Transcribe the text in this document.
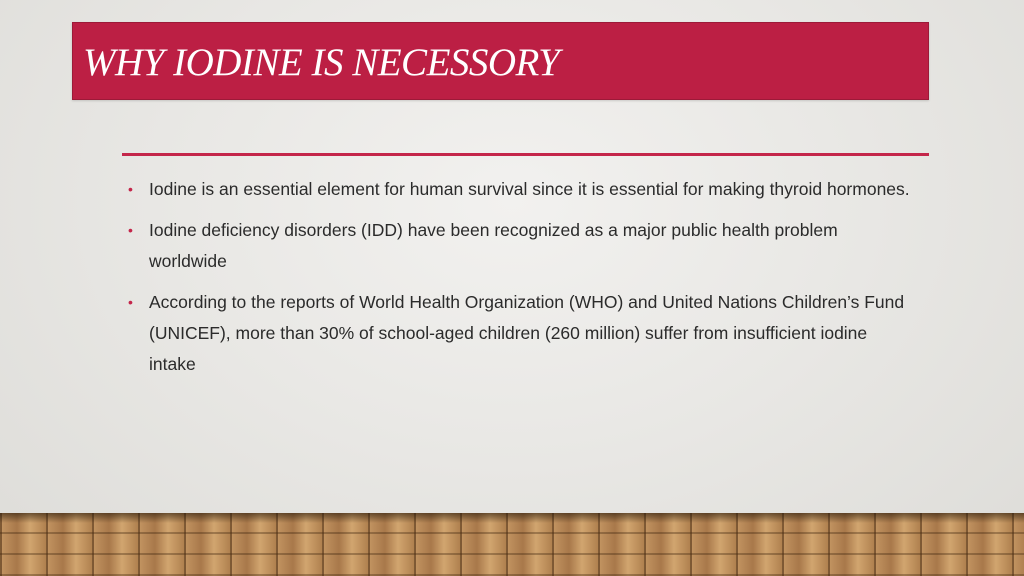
WHY IODINE IS NECESSORY
• Iodine is an essential element for human survival since it is essential for making thyroid hormones.
• Iodine deficiency disorders (IDD) have been recognized as a major public health problem worldwide
• According to the reports of World Health Organization (WHO) and United Nations Children’s Fund (UNICEF), more than 30% of school-aged children (260 million) suffer from insufficient iodine intake
